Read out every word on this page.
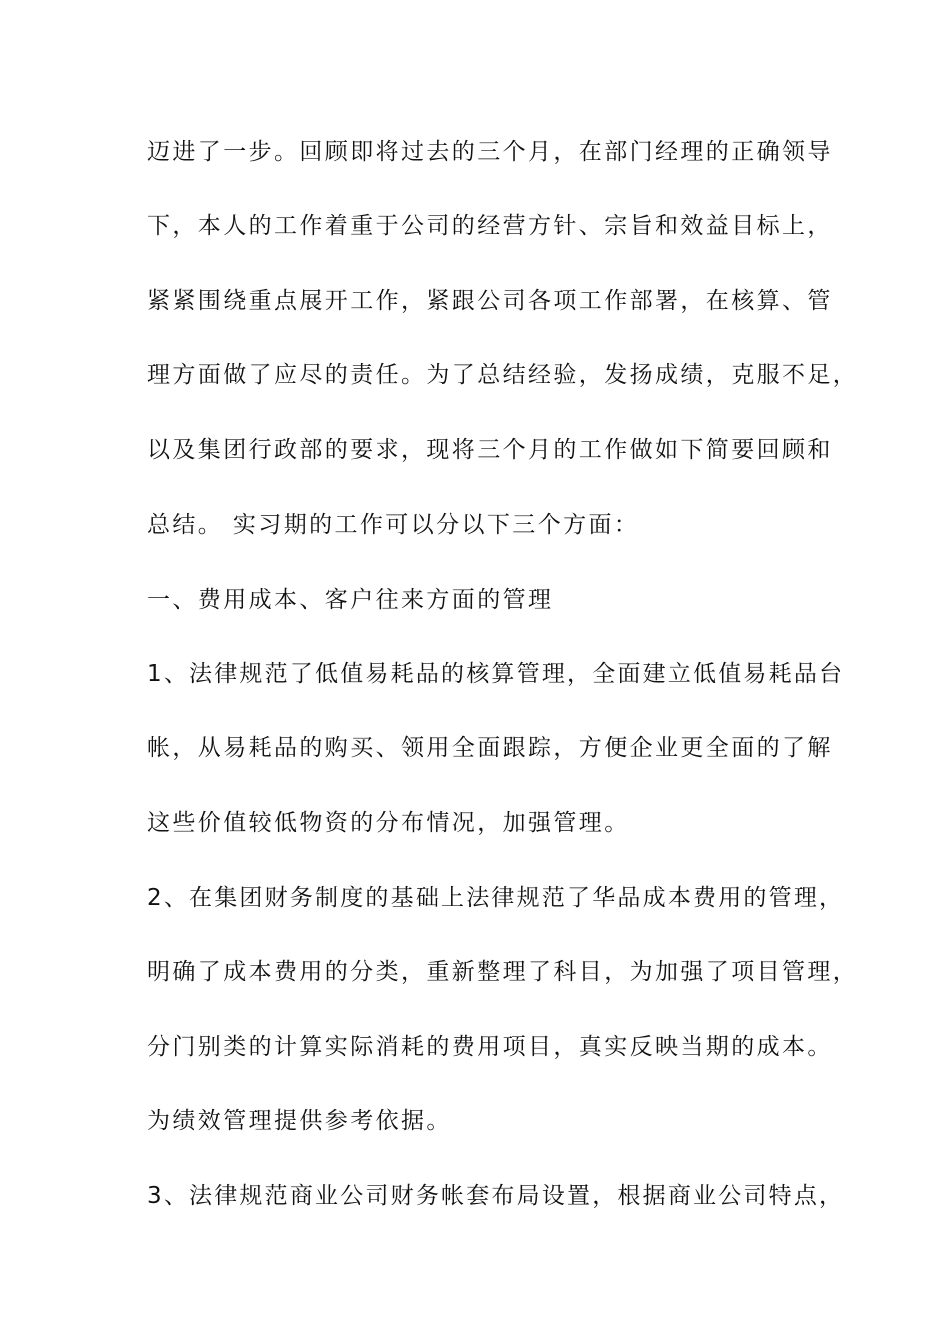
迈进了一步。回顾即将过去的三个月，在部门经理的正确领导
下，本人的工作着重于公司的经营方针、宗旨和效益目标上，
紧紧围绕重点展开工作，紧跟公司各项工作部署，在核算、管
理方面做了应尽的责任。为了总结经验，发扬成绩，克服不足，
以及集团行政部的要求，现将三个月的工作做如下简要回顾和
总结。 实习期的工作可以分以下三个方面：
一、费用成本、客户往来方面的管理
1、法律规范了低值易耗品的核算管理，全面建立低值易耗品台
帐，从易耗品的购买、领用全面跟踪，方便企业更全面的了解
这些价值较低物资的分布情况，加强管理。
2、在集团财务制度的基础上法律规范了华品成本费用的管理，
明确了成本费用的分类，重新整理了科目，为加强了项目管理，
分门别类的计算实际消耗的费用项目，真实反映当期的成本。
为绩效管理提供参考依据。
3、法律规范商业公司财务帐套布局设置，根据商业公司特点，
